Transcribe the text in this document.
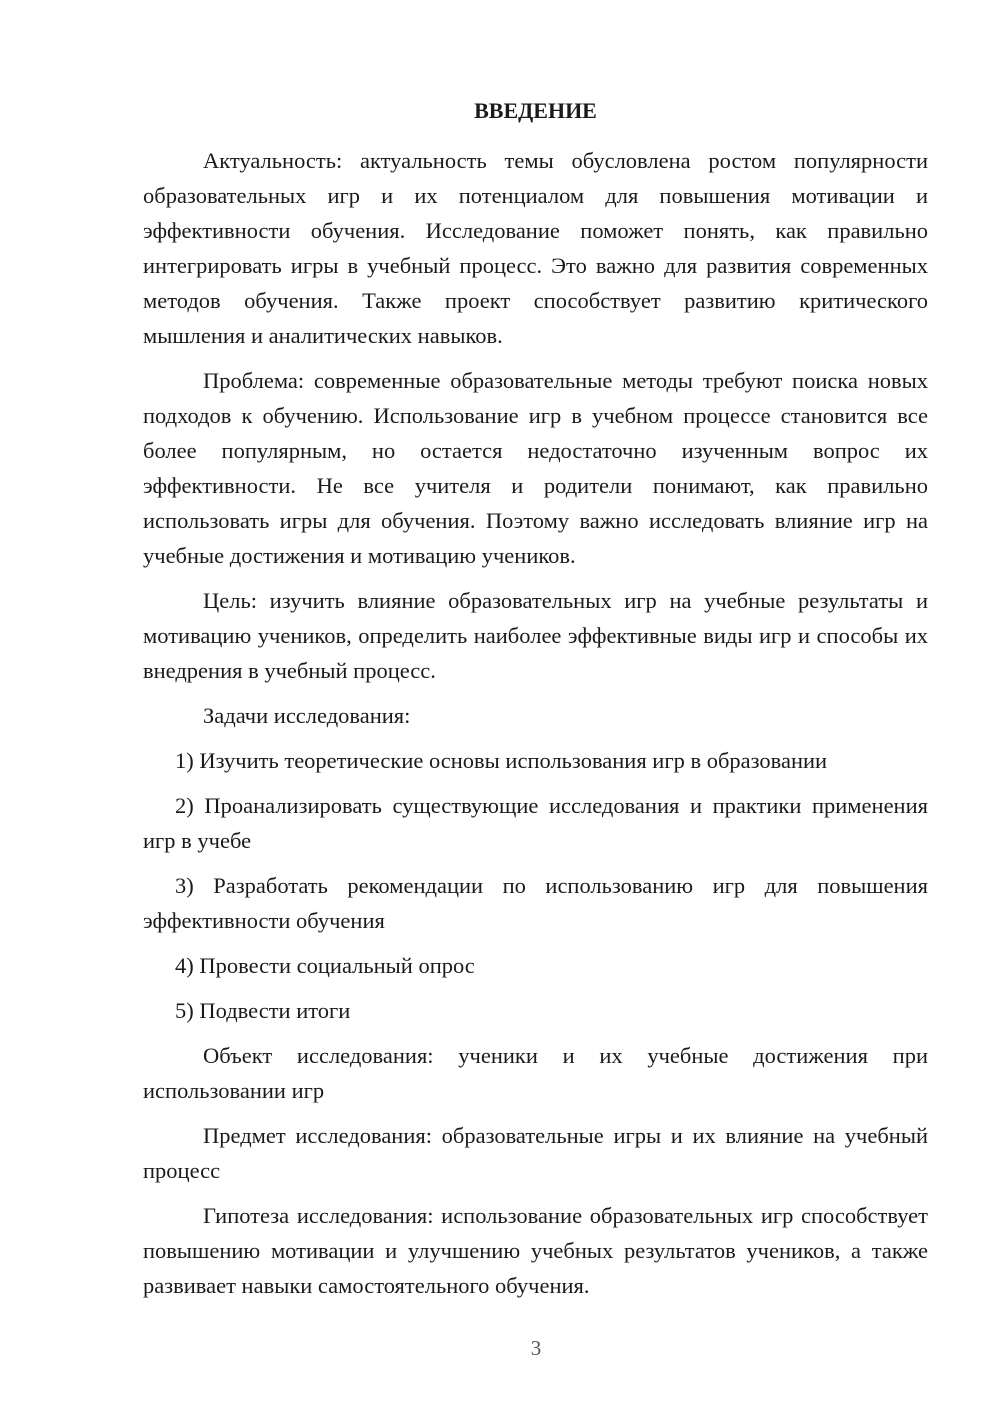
ВВЕДЕНИЕ

Актуальность: актуальность темы обусловлена ростом популярности образовательных игр и их потенциалом для повышения мотивации и эффективности обучения. Исследование поможет понять, как правильно интегрировать игры в учебный процесс. Это важно для развития современных методов обучения. Также проект способствует развитию критического мышления и аналитических навыков.

Проблема: современные образовательные методы требуют поиска новых подходов к обучению. Использование игр в учебном процессе становится все более популярным, но остается недостаточно изученным вопрос их эффективности. Не все учителя и родители понимают, как правильно использовать игры для обучения. Поэтому важно исследовать влияние игр на учебные достижения и мотивацию учеников.

Цель: изучить влияние образовательных игр на учебные результаты и мотивацию учеников, определить наиболее эффективные виды игр и способы их внедрения в учебный процесс.

Задачи исследования:

1) Изучить теоретические основы использования игр в образовании

2) Проанализировать существующие исследования и практики применения игр в учебе

3) Разработать рекомендации по использованию игр для повышения эффективности обучения

4) Провести социальный опрос

5) Подвести итоги

Объект исследования: ученики и их учебные достижения при использовании игр

Предмет исследования: образовательные игры и их влияние на учебный процесс

Гипотеза исследования: использование образовательных игр способствует повышению мотивации и улучшению учебных результатов учеников, а также развивает навыки самостоятельного обучения.

3
